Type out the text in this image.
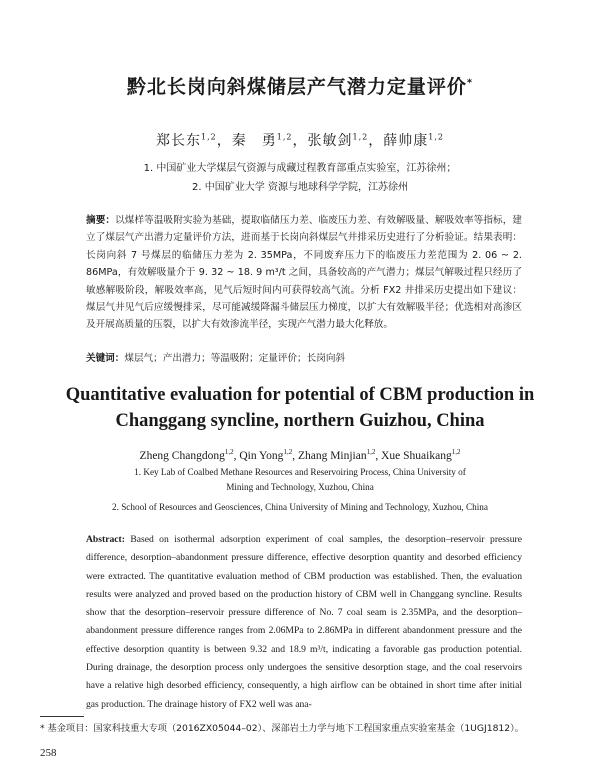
黔北长岗向斜煤储层产气潜力定量评价*
郑长东$^{1,2}$，秦　勇$^{1,2}$，张敏剑$^{1,2}$，薛帅康$^{1,2}$
1. 中国矿业大学煤层气资源与成藏过程教育部重点实验室，江苏徐州；
2. 中国矿业大学 资源与地球科学学院，江苏徐州
摘要：以煤样等温吸附实验为基础，提取临储压力差、临废压力差、有效解吸量、解吸效率等指标，建立了煤层气产出潜力定量评价方法，进而基于长岗向斜煤层气井排采历史进行了分析验证。结果表明：长岗向斜 7 号煤层的临储压力差为 2. 35MPa，不同废弃压力下的临废压力差范围为 2. 06 ~ 2. 86MPa，有效解吸量介于 9. 32 ~ 18. 9 m³/t 之间，具备较高的产气潜力；煤层气解吸过程只经历了敏感解吸阶段，解吸效率高，见气后短时间内可获得较高气流。分析 FX2 井排采历史提出如下建议：煤层气井见气后应缓慢排采，尽可能减缓降漏斗储层压力梯度，以扩大有效解吸半径；优选相对高渗区及开展高质量的压裂，以扩大有效渗流半径，实现产气潜力最大化释放。
关键词：煤层气；产出潜力；等温吸附；定量评价；长岗向斜
Quantitative evaluation for potential of CBM production in
Changgang syncline, northern Guizhou, China
Zheng Changdong$^{1,2}$, Qin Yong$^{1,2}$, Zhang Minjian$^{1,2}$, Xue Shuaikang$^{1,2}$
1. Key Lab of Coalbed Methane Resources and Reservoiring Process, China University of
Mining and Technology, Xuzhou, China
2. School of Resources and Geosciences, China University of Mining and Technology, Xuzhou, China
Abstract: Based on isothermal adsorption experiment of coal samples, the desorption–reservoir pressure difference, desorption–abandonment pressure difference, effective desorption quantity and desorbed efficiency were extracted. The quantitative evaluation method of CBM production was established. Then, the evaluation results were analyzed and proved based on the production history of CBM well in Changgang syncline. Results show that the desorption–reservoir pressure difference of No. 7 coal seam is 2.35MPa, and the desorption–abandonment pressure difference ranges from 2.06MPa to 2.86MPa in different abandonment pressure and the effective desorption quantity is between 9.32 and 18.9 m³/t, indicating a favorable gas production potential. During drainage, the desorption process only undergoes the sensitive desorption stage, and the coal reservoirs have a relative high desorbed efficiency, consequently, a high airflow can be obtained in short time after initial gas production. The drainage history of FX2 well was ana-
* 基金项目：国家科技重大专项（2016ZX05044–02）、深部岩土力学与地下工程国家重点实验室基金（1UGJ1812）。
258
